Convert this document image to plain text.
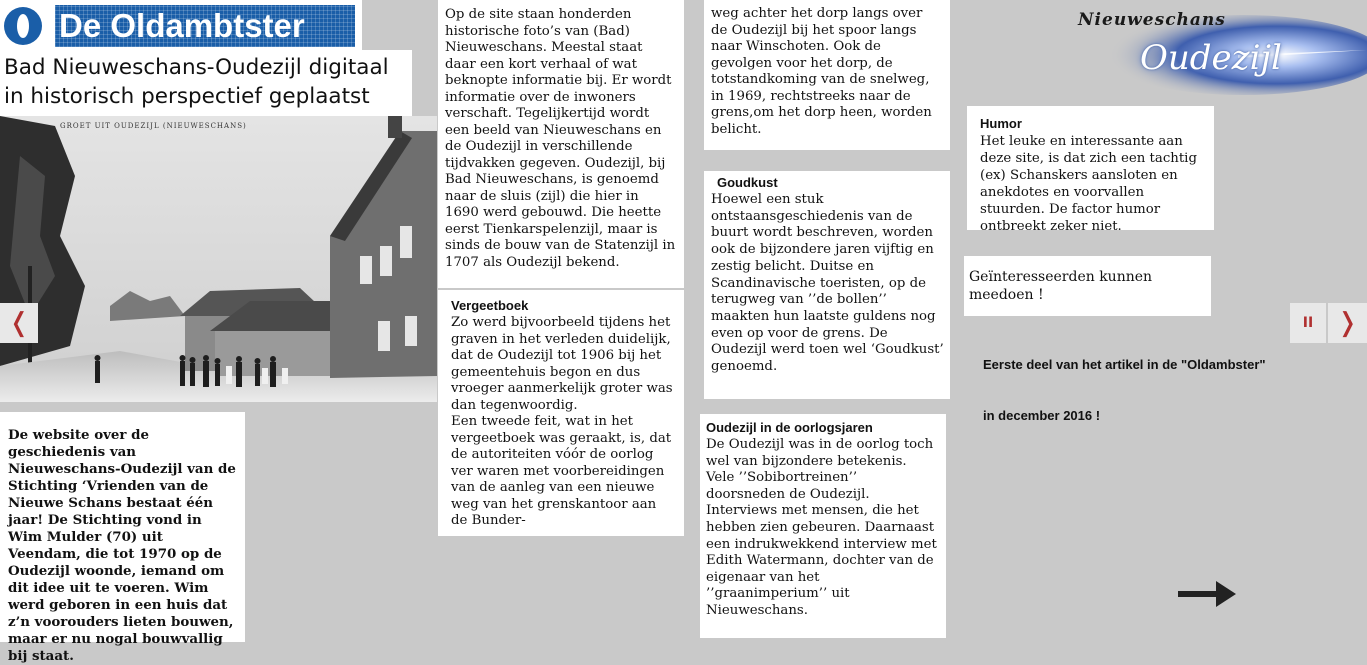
De Oldambtster
Bad Nieuweschans-Oudezijl digitaal
in historisch perspectief geplaatst
GROET UIT OUDEZIJL (NIEUWESCHANS)
❬	II ❭

De website over de geschiedenis van Nieuweschans-Oudezijl van de Stichting ‘Vrienden van de Nieuwe Schans bestaat één jaar! De Stichting vond in Wim Mulder (70) uit Veendam, die tot 1970 op de Oudezijl woonde, iemand om dit idee uit te voeren. Wim werd geboren in een huis dat z’n voorouders lieten bouwen, maar er nu nogal bouwvallig bij staat.

Op de site staan honderden historische foto’s van (Bad) Nieuweschans. Meestal staat daar een kort verhaal of wat beknopte informatie bij. Er wordt informatie over de inwoners verschaft. Tegelijkertijd wordt een beeld van Nieuweschans en de Oudezijl in verschillende tijdvakken gegeven. Oudezijl, bij Bad Nieuweschans, is genoemd naar de sluis (zijl) die hier in 1690 werd gebouwd. Die heette eerst Tienkarspelenzijl, maar is sinds de bouw van de Statenzijl in 1707 als Oudezijl bekend.

Vergeetboek

Zo werd bijvoorbeeld tijdens het graven in het verleden duidelijk, dat de Oudezijl tot 1906 bij het gemeentehuis begon en dus vroeger aanmerkelijk groter was dan tegenwoordig.

Een tweede feit, wat in het vergeetboek was geraakt, is, dat de autoriteiten vóór de oorlog ver waren met voorbereidingen van de aanleg van een nieuwe weg van het grenskantoor aan de Bunder-

weg achter het dorp langs over de Oudezijl bij het spoor langs naar Winschoten. Ook de gevolgen voor het dorp, de totstandkoming van de snelweg, in 1969, rechtstreeks naar de grens,om het dorp heen, worden belicht.

Goudkust

Hoewel een stuk ontstaansgeschiedenis van de buurt wordt beschreven, worden ook de bijzondere jaren vijftig en zestig belicht. Duitse en Scandinavische toeristen, op de terugweg van ’’de bollen’’ maakten hun laatste guldens nog even op voor de grens. De Oudezijl werd toen wel ‘Goudkust’ genoemd.

Oudezijl in de oorlogsjaren

De Oudezijl was in de oorlog toch wel van bijzondere betekenis. Vele ’’Sobibortreinen’’ doorsneden de Oudezijl. Interviews met mensen, die het hebben zien gebeuren. Daarnaast een indrukwekkend interview met Edith Watermann, dochter van de eigenaar van het ’’graanimperium’’ uit Nieuweschans.

Nieuweschans
Oudezijl

Humor

Het leuke en interessante aan deze site, is dat zich een tachtig (ex) Schanskers aansloten en anekdotes en voorvallen stuurden. De factor humor ontbreekt zeker niet.

Geïnteresseerden kunnen meedoen !

Eerste deel van het artikel in de "Oldambster"
in december 2016 !
